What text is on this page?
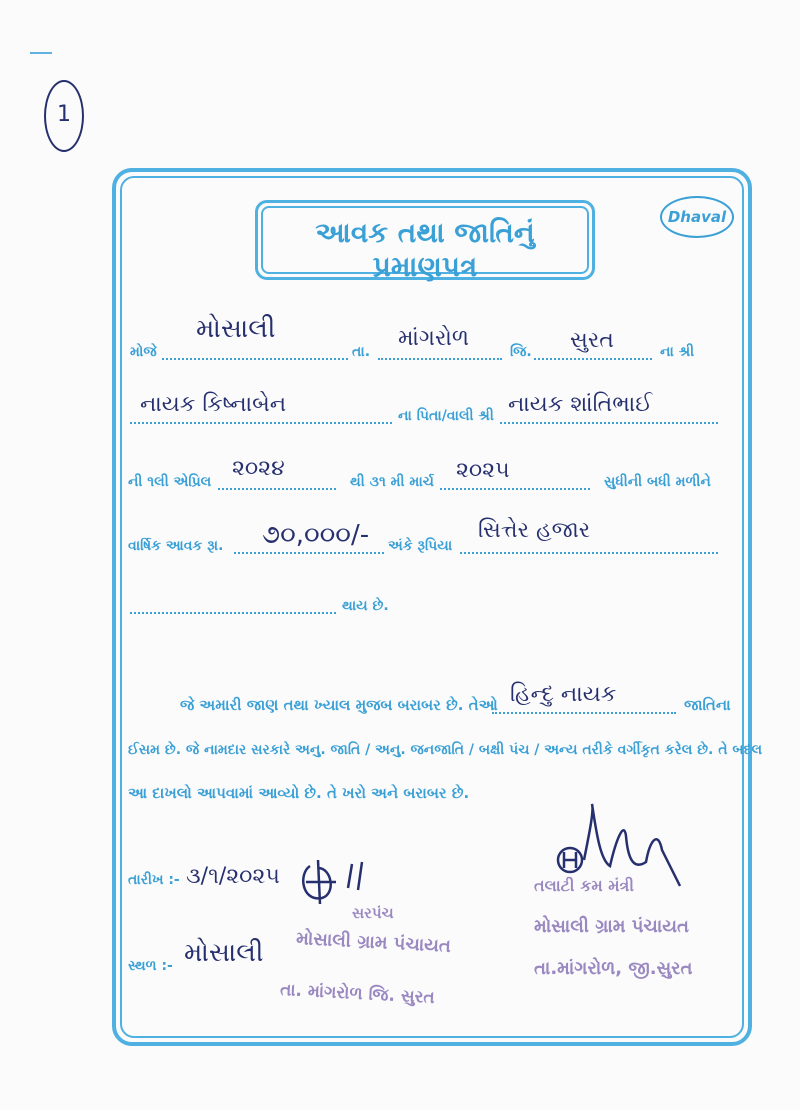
1
આવક તથા જાતિનું પ્રમાણપત્ર
Dhaval
મોજે
મોસાલી
તા.
માંગરોળ
જિ. સુરત	ના શ્રી
નાયક કિષ્નાબેન	ના પિતા/વાલી શ્રી નાયક શાંતિભાઈ
ની ૧લી એપ્રિલ
૨૦૨૪
થી ૩૧ મી માર્ચ ૨૦૨૫	સુધીની બધી મળીને
વાર્ષિક આવક રૂા. ૭૦,૦૦૦/- અંકે રૂપિયા
સિત્તેર હજાર
થાય છે.
જે અમારી જાણ તથા ખ્યાલ મુજબ બરાબર છે. તેઓ હિન્દુ નાયક	જાતિના
ઈસમ છે. જે નામદાર સરકારે અનુ. જાતિ / અનુ. જનજાતિ / બક્ષી પંચ / અન્ય તરીકે વર્ગીકૃત કરેલ છે. તે બદલ
આ દાખલો આપવામાં આવ્યો છે. તે ખરો અને બરાબર છે.
તારીખ :- ૩/૧/૨૦૨૫
સરપંચ
મોસાલી ગ્રામ પંચાયત
તા. માંગરોળ જિ. સુરત
સ્થળ :- મોસાલી
તલાટી કમ મંત્રી
મોસાલી ગ્રામ પંચાયત
તા.માંગરોળ, જી.સુરત
